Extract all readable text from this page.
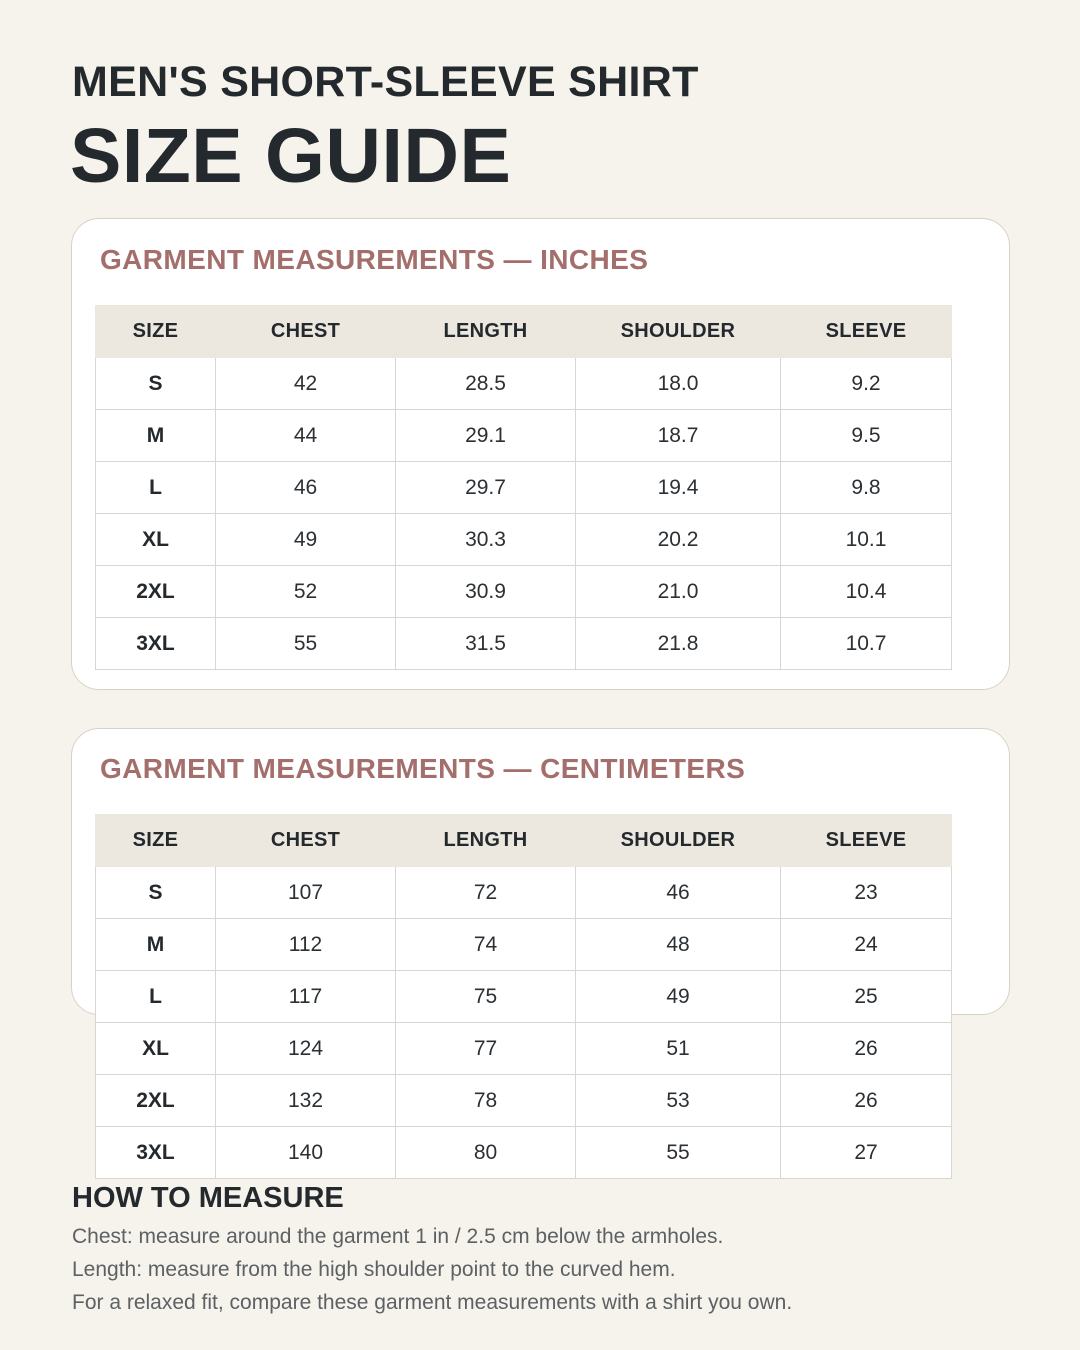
MEN'S SHORT-SLEEVE SHIRT
SIZE GUIDE
GARMENT MEASUREMENTS — INCHES
SIZE	CHEST	LENGTH	SHOULDER	SLEEVE
S	42	28.5	18.0	9.2
M	44	29.1	18.7	9.5
L	46	29.7	19.4	9.8
XL	49	30.3	20.2	10.1
2XL	52	30.9	21.0	10.4
3XL	55	31.5	21.8	10.7
GARMENT MEASUREMENTS — CENTIMETERS
SIZE	CHEST	LENGTH	SHOULDER	SLEEVE
S	107	72	46	23
M	112	74	48	24
L	117	75	49	25
XL	124	77	51	26
2XL	132	78	53	26
3XL	140	80	55	27
HOW TO MEASURE
Chest: measure around the garment 1 in / 2.5 cm below the armholes.
Length: measure from the high shoulder point to the curved hem.
For a relaxed fit, compare these garment measurements with a shirt you own.
